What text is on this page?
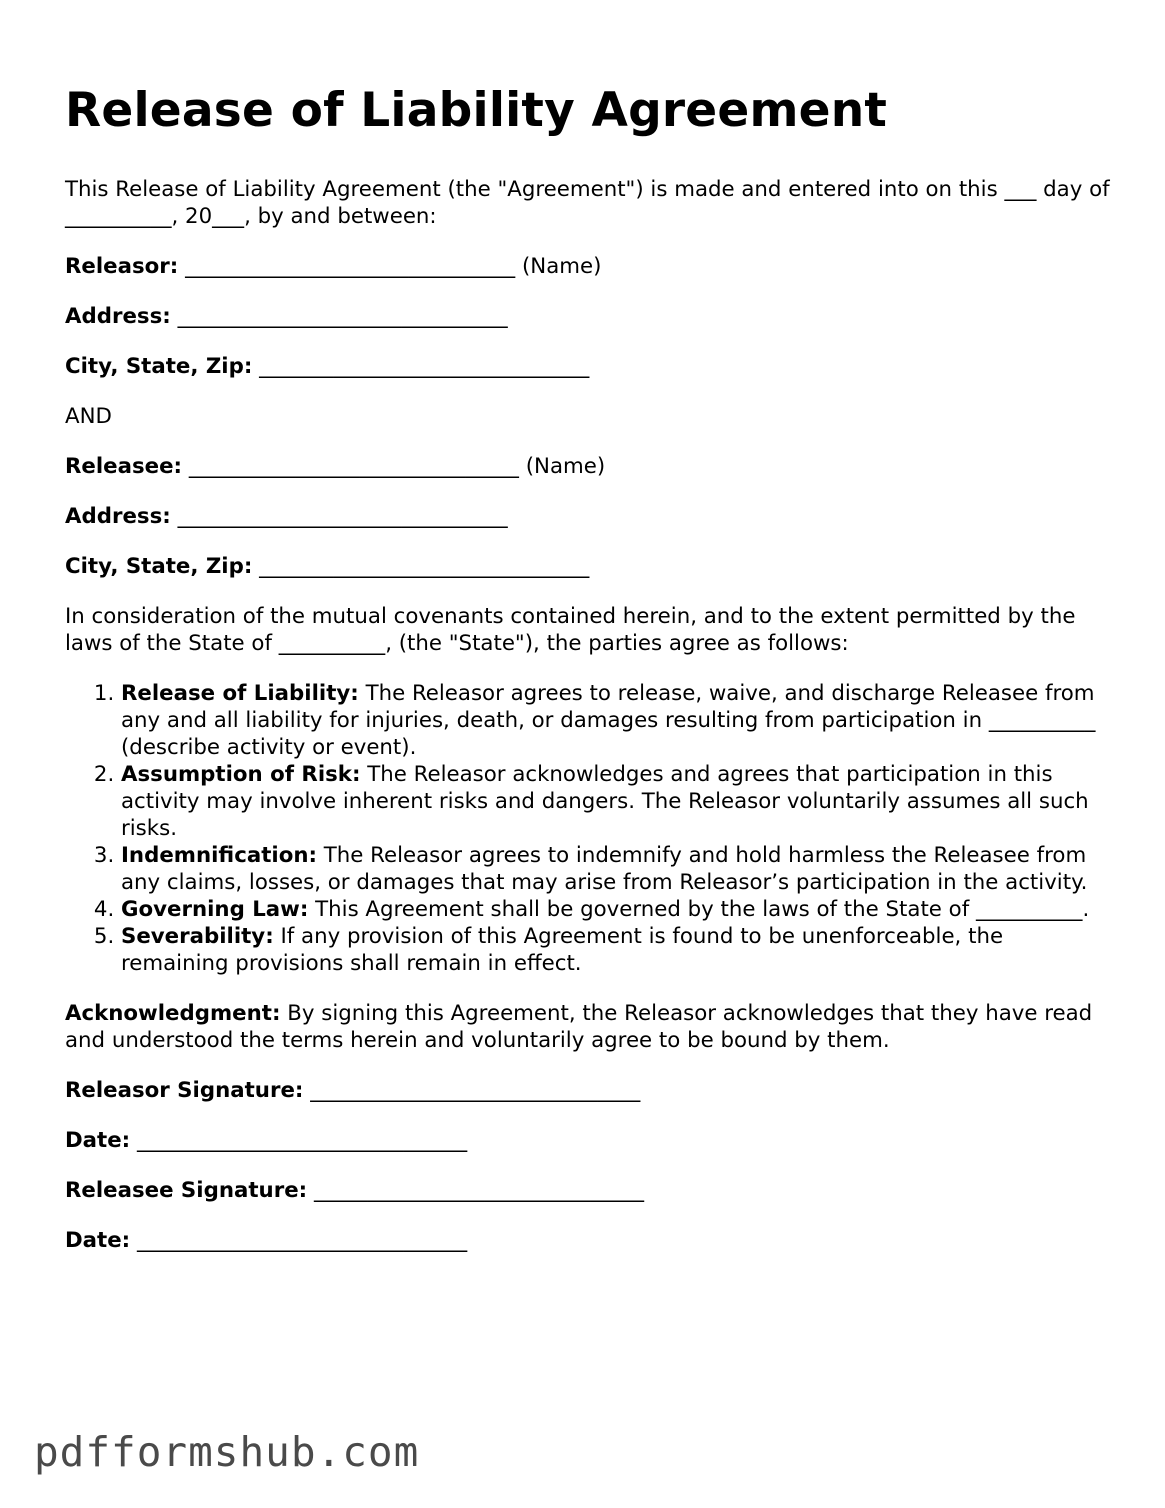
Release of Liability Agreement

This Release of Liability Agreement (the "Agreement") is made and entered into on this ___ day of __________, 20___, by and between:

Releasor: _______________________________ (Name)
Address: _______________________________
City, State, Zip: _______________________________

AND

Releasee: _______________________________ (Name)
Address: _______________________________
City, State, Zip: _______________________________

In consideration of the mutual covenants contained herein, and to the extent permitted by the laws of the State of __________, (the "State"), the parties agree as follows:

1. Release of Liability: The Releasor agrees to release, waive, and discharge Releasee from any and all liability for injuries, death, or damages resulting from participation in __________ (describe activity or event).
2. Assumption of Risk: The Releasor acknowledges and agrees that participation in this activity may involve inherent risks and dangers. The Releasor voluntarily assumes all such risks.
3. Indemnification: The Releasor agrees to indemnify and hold harmless the Releasee from any claims, losses, or damages that may arise from Releasor’s participation in the activity.
4. Governing Law: This Agreement shall be governed by the laws of the State of __________.
5. Severability: If any provision of this Agreement is found to be unenforceable, the remaining provisions shall remain in effect.

Acknowledgment: By signing this Agreement, the Releasor acknowledges that they have read and understood the terms herein and voluntarily agree to be bound by them.

Releasor Signature: _______________________________
Date: _______________________________
Releasee Signature: _______________________________
Date: _______________________________
pdfformshub.com
